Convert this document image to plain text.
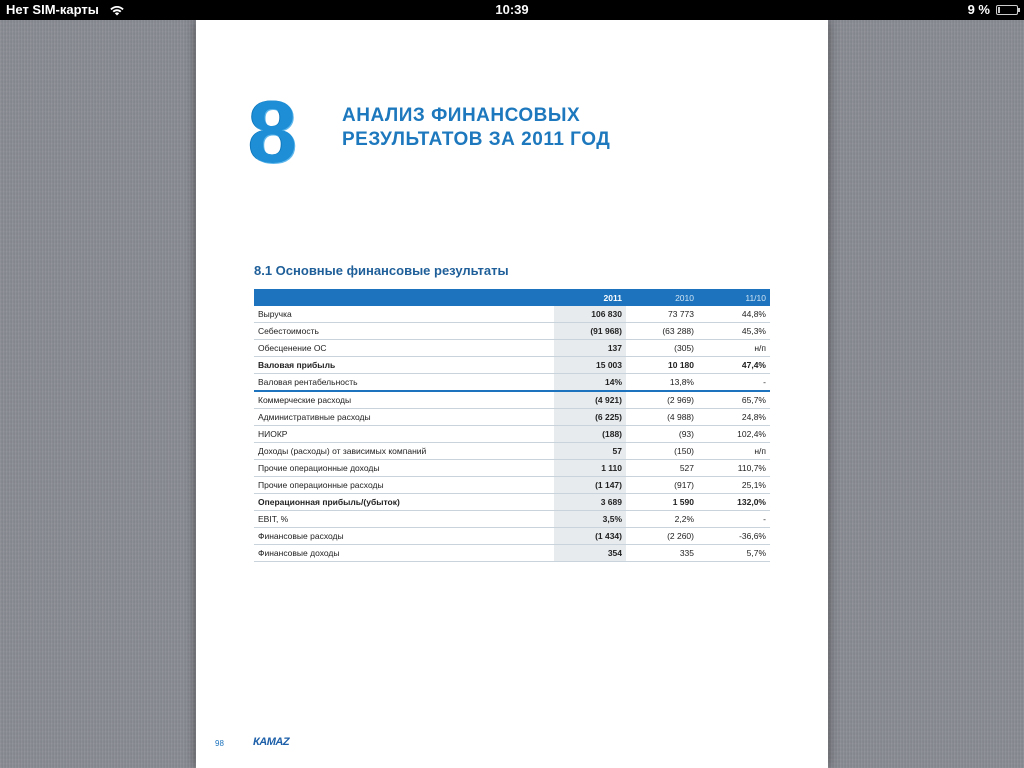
Нет SIM-карты	10:39	9 %
8 АНАЛИЗ ФИНАНСОВЫХ
РЕЗУЛЬТАТОВ ЗА 2011 ГОД
8.1 Основные финансовые результаты
	2011	2010	11/10
Выручка	106 830	73 773	44,8%
Себестоимость	(91 968)	(63 288)	45,3%
Обесценение ОС	137	(305)	н/п
Валовая прибыль	15 003	10 180	47,4%
Валовая рентабельность	14%	13,8%	-
Коммерческие расходы	(4 921)	(2 969)	65,7%
Административные расходы	(6 225)	(4 988)	24,8%
НИОКР	(188)	(93)	102,4%
Доходы (расходы) от зависимых компаний	57	(150)	н/п
Прочие операционные доходы	1 110	527	110,7%
Прочие операционные расходы	(1 147)	(917)	25,1%
Операционная прибыль/(убыток)	3 689	1 590	132,0%
EBIT, %	3,5%	2,2%	-
Финансовые расходы	(1 434)	(2 260)	-36,6%
Финансовые доходы	354	335	5,7%
98	КАМАZ
